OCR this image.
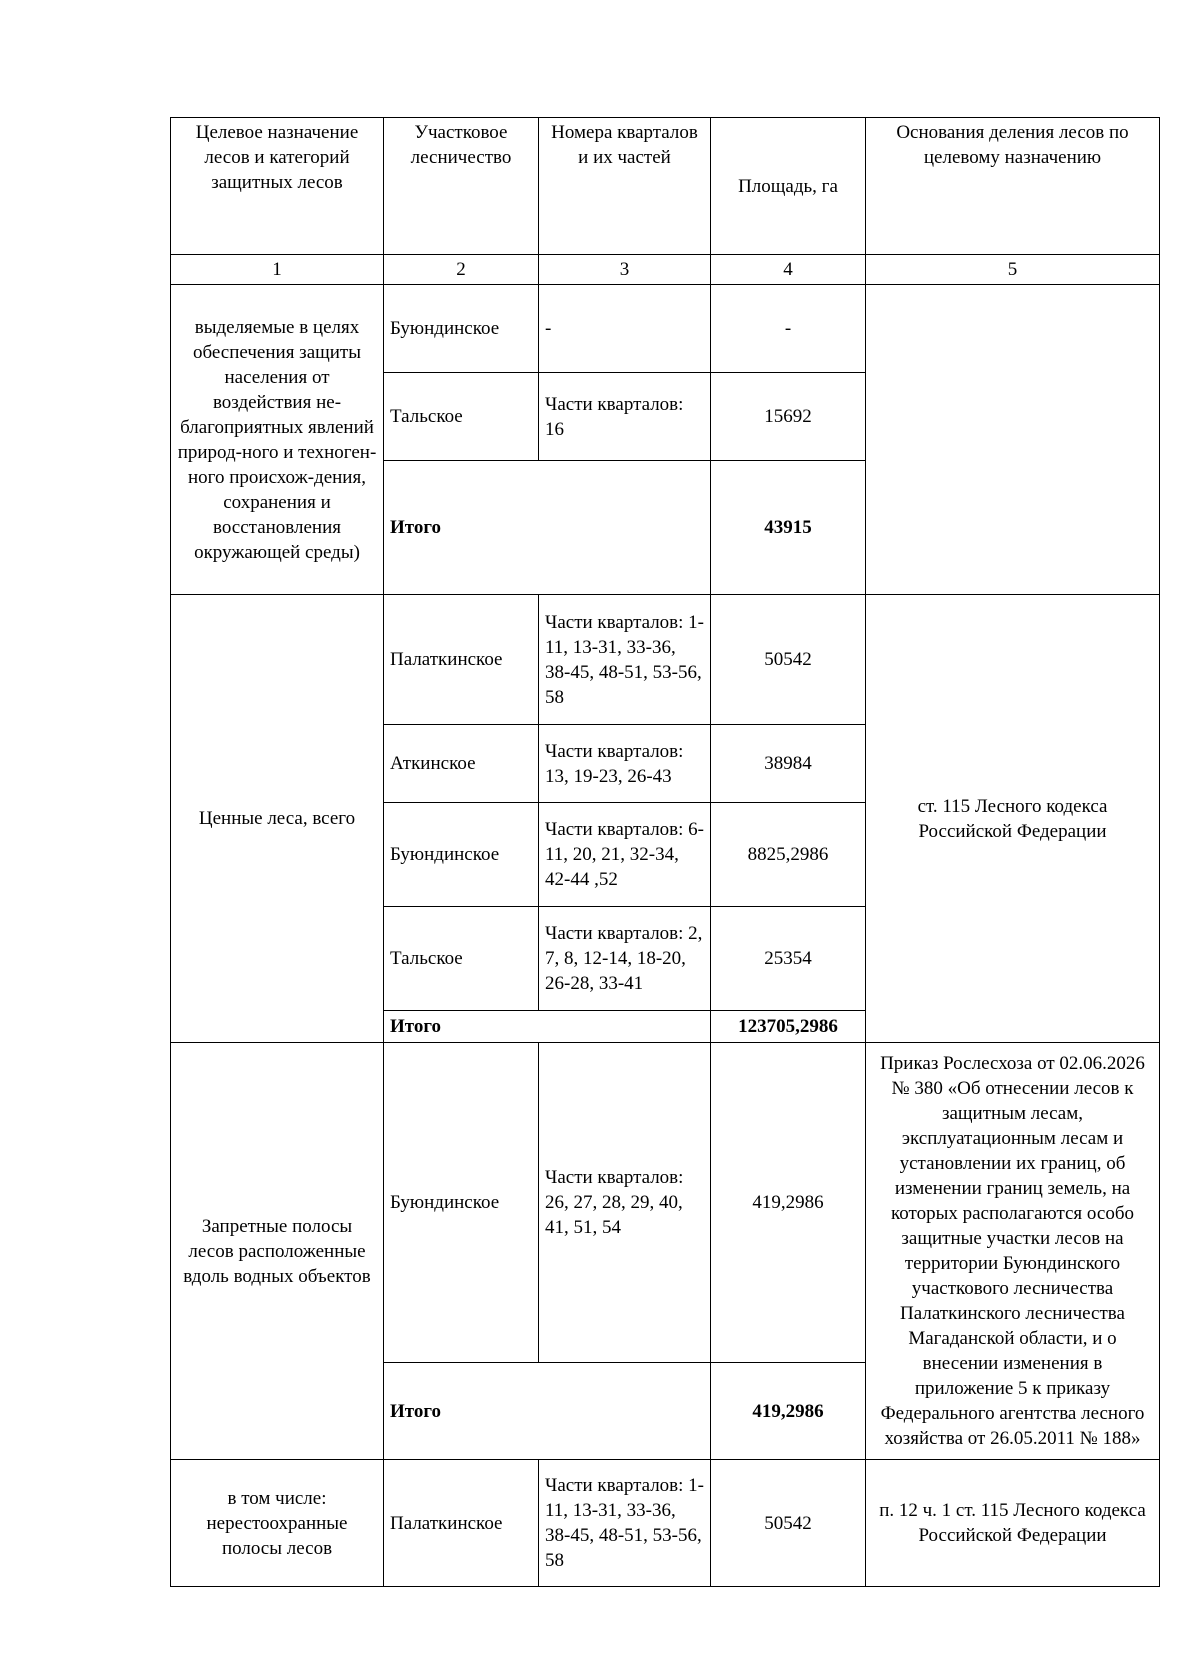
Целевое назначение лесов и категорий защитных лесов	Участковое лесничество	Номера кварталов и их частей	Площадь, га	Основания деления лесов по целевому назначению
1	2	3	4	5
выделяемые в целях обеспечения защиты населения от воздействия не-благоприятных явлений природ-ного и техноген-ного происхож-дения, сохранения и восстановления окружающей среды)	Буюндинское	-	-	
	Тальское	Части кварталов: 16	15692	
	Итого		43915	
Ценные леса, всего	Палаткинское	Части кварталов: 1-11, 13-31, 33-36, 38-45, 48-51, 53-56, 58	50542	ст. 115 Лесного кодекса Российской Федерации
	Аткинское	Части кварталов: 13, 19-23, 26-43	38984	
	Буюндинское	Части кварталов: 6-11, 20, 21, 32-34, 42-44 ,52	8825,2986	
	Тальское	Части кварталов: 2, 7, 8, 12-14, 18-20, 26-28, 33-41	25354	
	Итого		123705,2986	
Запретные полосы лесов расположенные вдоль водных объектов	Буюндинское	Части кварталов: 26, 27, 28, 29, 40, 41, 51, 54	419,2986	Приказ Рослесхоза от 02.06.2026 № 380 «Об отнесении лесов к защитным лесам, эксплуатационным лесам и установлении их границ, об изменении границ земель, на которых располагаются особо защитные участки лесов на территории Буюндинского участкового лесничества Палаткинского лесничества Магаданской области, и о внесении изменения в приложение 5 к приказу Федерального агентства лесного хозяйства от 26.05.2011 № 188»
	Итого		419,2986	
в том числе: нерестоохранные полосы лесов	Палаткинское	Части кварталов: 1-11, 13-31, 33-36, 38-45, 48-51, 53-56, 58	50542	п. 12 ч. 1 ст. 115 Лесного кодекса Российской Федерации
